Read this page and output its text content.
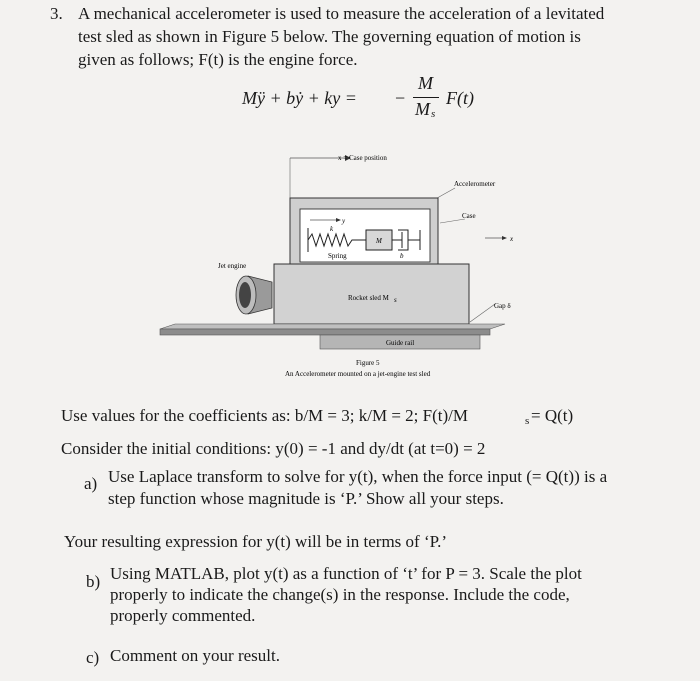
3. A mechanical accelerometer is used to measure the acceleration of a levitated
test sled as shown in Figure 5 below. The governing equation of motion is
given as follows; F(t) is the engine force.
Mÿ + bẏ + ky = −
M
M s
F(t)
x = Case position
Accelerometer
Case
x
y
k
M
Spring	b
Jet engine
Rocket sled M s
Gap δ
Guide rail
Figure 5
An Accelerometer mounted on a jet-engine test sled
Use values for the coefficients as: b/M = 3; k/M = 2; F(t)/M	s = Q(t)
Consider the initial conditions: y(0) = -1 and dy/dt (at t=0) = 2
a) Use Laplace transform to solve for y(t), when the force input (= Q(t)) is a
step function whose magnitude is ‘P.’ Show all your steps.
Your resulting expression for y(t) will be in terms of ‘P.’
b) Using MATLAB, plot y(t) as a function of ‘t’ for P = 3. Scale the plot
properly to indicate the change(s) in the response. Include the code,
properly commented.
c) Comment on your result.
